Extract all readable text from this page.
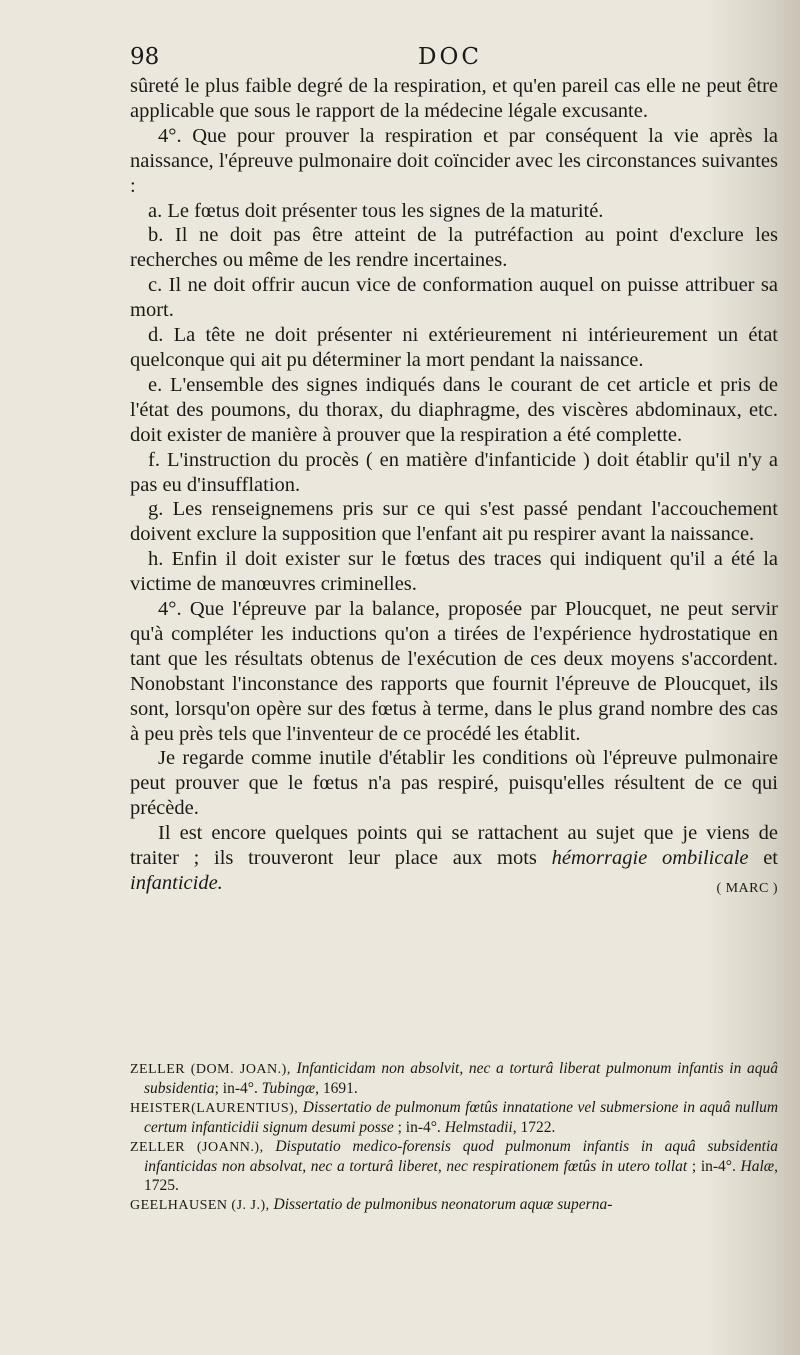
98	DOC

sûreté le plus faible degré de la respiration, et qu'en pareil cas elle ne peut être applicable que sous le rapport de la médecine légale excusante.

4°. Que pour prouver la respiration et par conséquent la vie après la naissance, l'épreuve pulmonaire doit coïncider avec les circonstances suivantes :

a. Le fœtus doit présenter tous les signes de la maturité.

b. Il ne doit pas être atteint de la putréfaction au point d'exclure les recherches ou même de les rendre incertaines.

c. Il ne doit offrir aucun vice de conformation auquel on puisse attribuer sa mort.

d. La tête ne doit présenter ni extérieurement ni intérieurement un état quelconque qui ait pu déterminer la mort pendant la naissance.

e. L'ensemble des signes indiqués dans le courant de cet article et pris de l'état des poumons, du thorax, du diaphragme, des viscères abdominaux, etc. doit exister de manière à prouver que la respiration a été complette.

f. L'instruction du procès ( en matière d'infanticide ) doit établir qu'il n'y a pas eu d'insufflation.

g. Les renseignemens pris sur ce qui s'est passé pendant l'accouchement doivent exclure la supposition que l'enfant ait pu respirer avant la naissance.

h. Enfin il doit exister sur le fœtus des traces qui indiquent qu'il a été la victime de manœuvres criminelles.

4°. Que l'épreuve par la balance, proposée par Ploucquet, ne peut servir qu'à compléter les inductions qu'on a tirées de l'expérience hydrostatique en tant que les résultats obtenus de l'exécution de ces deux moyens s'accordent. Nonobstant l'inconstance des rapports que fournit l'épreuve de Ploucquet, ils sont, lorsqu'on opère sur des fœtus à terme, dans le plus grand nombre des cas à peu près tels que l'inventeur de ce procédé les établit.

Je regarde comme inutile d'établir les conditions où l'épreuve pulmonaire peut prouver que le fœtus n'a pas respiré, puisqu'elles résultent de ce qui précède.

Il est encore quelques points qui se rattachent au sujet que je viens de traiter ; ils trouveront leur place aux mots hémorragie ombilicale et infanticide.	( MARC )

ZELLER (DOM. JOAN.), Infanticidam non absolvit, nec a torturâ liberat pulmonum infantis in aquâ subsidentia; in-4°. Tubingæ, 1691.

HEISTER(LAURENTIUS), Dissertatio de pulmonum fœtûs innatatione vel submersione in aquâ nullum certum infanticidii signum desumi posse ; in-4°. Helmstadii, 1722.

ZELLER (JOANN.), Disputatio medico-forensis quod pulmonum infantis in aquâ subsidentia infanticidas non absolvat, nec a torturâ liberet, nec respirationem fœtûs in utero tollat ; in-4°. Halæ, 1725.

GEELHAUSEN (J. J.), Dissertatio de pulmonibus neonatorum aquæ superna-
